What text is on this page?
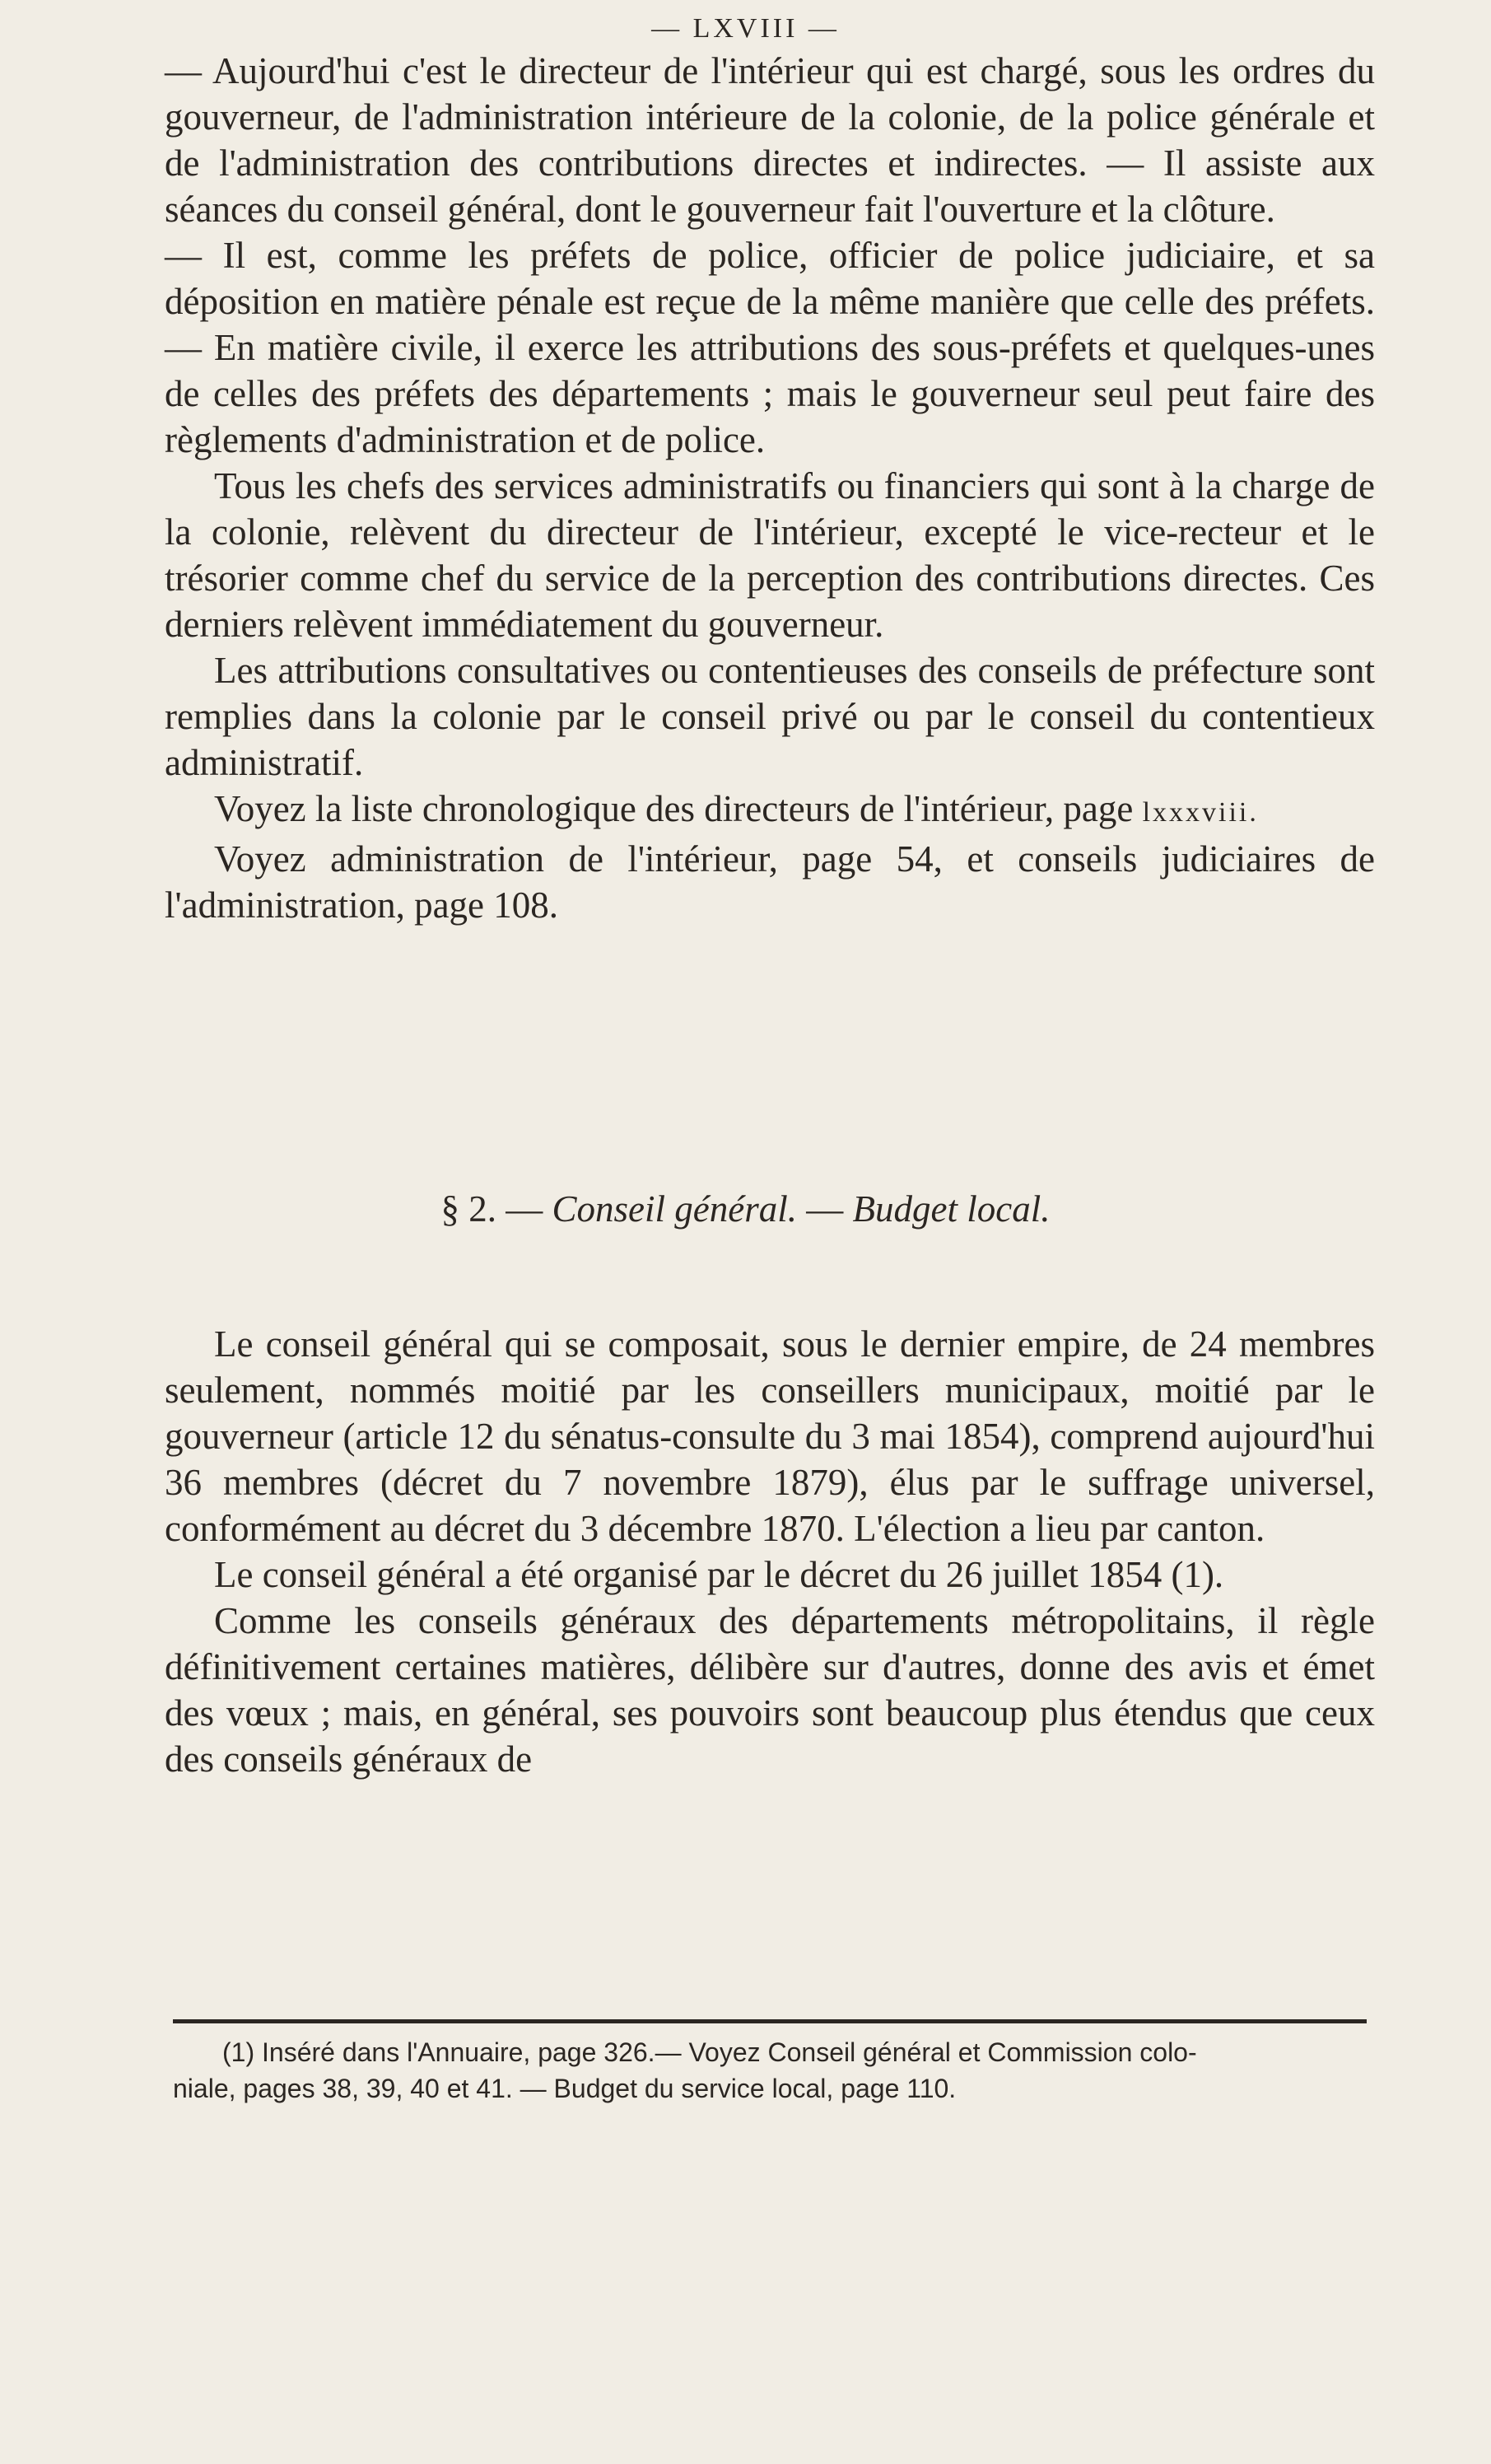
— LXVIII —

— Aujourd'hui c'est le directeur de l'intérieur qui est chargé, sous les ordres du gouverneur, de l'administration intérieure de la colonie, de la police générale et de l'administration des contributions directes et indirectes. — Il assiste aux séances du conseil général, dont le gouverneur fait l'ouverture et la clôture.

— Il est, comme les préfets de police, officier de police judiciaire, et sa déposition en matière pénale est reçue de la même manière que celle des préfets. — En matière civile, il exerce les attributions des sous-préfets et quelques-unes de celles des préfets des départements ; mais le gouverneur seul peut faire des règlements d'administration et de police.

Tous les chefs des services administratifs ou financiers qui sont à la charge de la colonie, relèvent du directeur de l'intérieur, excepté le vice-recteur et le trésorier comme chef du service de la perception des contributions directes. Ces derniers relèvent immédiatement du gouverneur.

Les attributions consultatives ou contentieuses des conseils de préfecture sont remplies dans la colonie par le conseil privé ou par le conseil du contentieux administratif.

Voyez la liste chronologique des directeurs de l'intérieur, page lxxxviii.

Voyez administration de l'intérieur, page 54, et conseils judiciaires de l'administration, page 108.

§ 2. — Conseil général. — Budget local.

Le conseil général qui se composait, sous le dernier empire, de 24 membres seulement, nommés moitié par les conseillers municipaux, moitié par le gouverneur (article 12 du sénatus-consulte du 3 mai 1854), comprend aujourd'hui 36 membres (décret du 7 novembre 1879), élus par le suffrage universel, conformément au décret du 3 décembre 1870. L'élection a lieu par canton.

Le conseil général a été organisé par le décret du 26 juillet 1854 (1).

Comme les conseils généraux des départements métropolitains, il règle définitivement certaines matières, délibère sur d'autres, donne des avis et émet des vœux ; mais, en général, ses pouvoirs sont beaucoup plus étendus que ceux des conseils généraux de

(1) Inséré dans l'Annuaire, page 326.— Voyez Conseil général et Commission colo-

niale, pages 38, 39, 40 et 41. — Budget du service local, page 110.
